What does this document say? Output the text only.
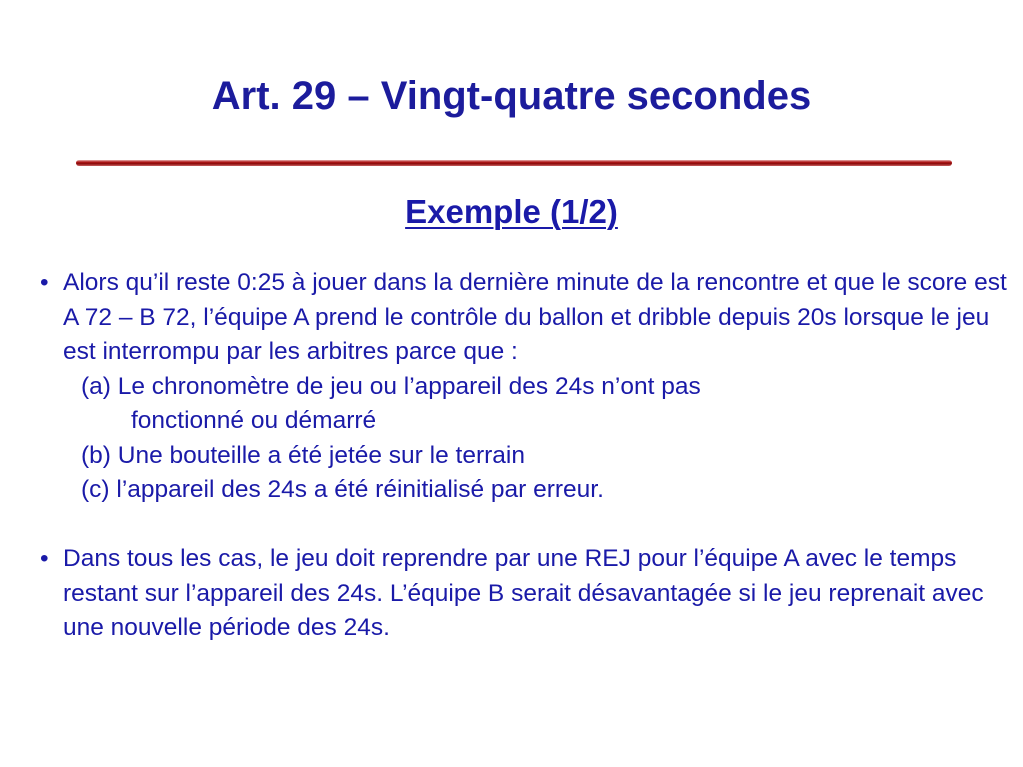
Art. 29 – Vingt-quatre secondes
Exemple (1/2)
• Alors qu’il reste 0:25 à jouer dans la dernière minute de la rencontre et que le score est A 72 – B 72, l’équipe A prend le contrôle du ballon et dribble depuis 20s lorsque le jeu est interrompu par les arbitres parce que :
(a) Le chronomètre de jeu ou l’appareil des 24s n’ont pas
fonctionné ou démarré
(b) Une bouteille a été jetée sur le terrain
(c) l’appareil des 24s a été réinitialisé par erreur.
• Dans tous les cas, le jeu doit reprendre par une REJ pour l’équipe A avec le temps restant sur l’appareil des 24s. L’équipe B serait désavantagée si le jeu reprenait avec une nouvelle période des 24s.
